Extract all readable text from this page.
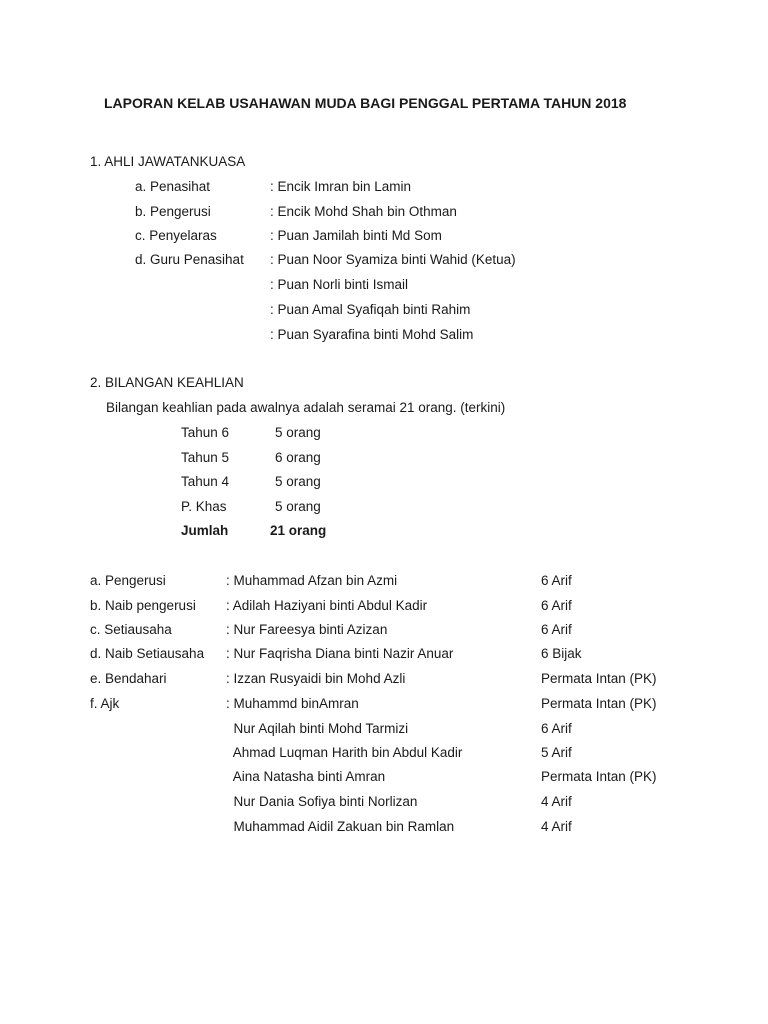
LAPORAN KELAB USAHAWAN MUDA BAGI PENGGAL PERTAMA TAHUN 2018
1. AHLI JAWATANKUASA
a. Penasihat	: Encik Imran bin Lamin
b. Pengerusi	: Encik Mohd Shah bin Othman
c. Penyelaras	: Puan Jamilah binti Md Som
d. Guru Penasihat : Puan Noor Syamiza binti Wahid (Ketua)
: Puan Norli binti Ismail
: Puan Amal Syafiqah binti Rahim
: Puan Syarafina binti Mohd Salim
2. BILANGAN KEAHLIAN
Bilangan keahlian pada awalnya adalah seramai 21 orang. (terkini)
Tahun 6	5 orang
Tahun 5	6 orang
Tahun 4	5 orang
P. Khas	5 orang
Jumlah	21 orang
a. Pengerusi	: Muhammad Afzan bin Azmi	6 Arif
b. Naib pengerusi : Adilah Haziyani binti Abdul Kadir	6 Arif
c. Setiausaha	: Nur Fareesya binti Azizan	6 Arif
d. Naib Setiausaha : Nur Faqrisha Diana binti Nazir Anuar	6 Bijak
e. Bendahari	: Izzan Rusyaidi bin Mohd Azli	Permata Intan (PK)
f. Ajk	: Muhammd binAmran	Permata Intan (PK)
Nur Aqilah binti Mohd Tarmizi	6 Arif
Ahmad Luqman Harith bin Abdul Kadir	5 Arif
Aina Natasha binti Amran	Permata Intan (PK)
Nur Dania Sofiya binti Norlizan	4 Arif
Muhammad Aidil Zakuan bin Ramlan	4 Arif
